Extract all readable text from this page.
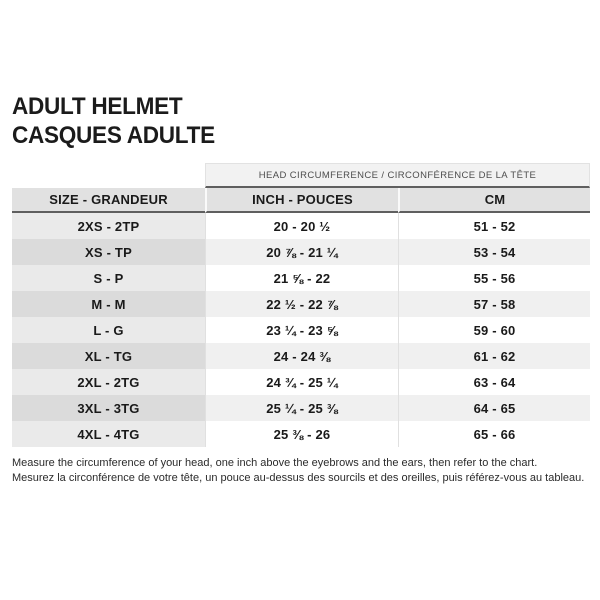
ADULT HELMET
CASQUES ADULTE
HEAD CIRCUMFERENCE / CIRCONFÉRENCE DE LA TÊTE
SIZE - GRANDEUR	INCH - POUCES	CM
2XS - 2TP	20 - 20 ½	51 - 52
XS - TP	20 ⅞ - 21 ¼	53 - 54
S - P	21 ⅝ - 22	55 - 56
M - M	22 ½ - 22 ⅞	57 - 58
L - G	23 ¼ - 23 ⅝	59 - 60
XL - TG	24 - 24 ⅜	61 - 62
2XL - 2TG	24 ¾ - 25 ¼	63 - 64
3XL - 3TG	25 ¼ - 25 ⅜	64 - 65
4XL - 4TG	25 ⅜ - 26	65 - 66
Measure the circumference of your head, one inch above the eyebrows and the ears, then refer to the chart.
Mesurez la circonférence de votre tête, un pouce au-dessus des sourcils et des oreilles, puis référez-vous au tableau.
